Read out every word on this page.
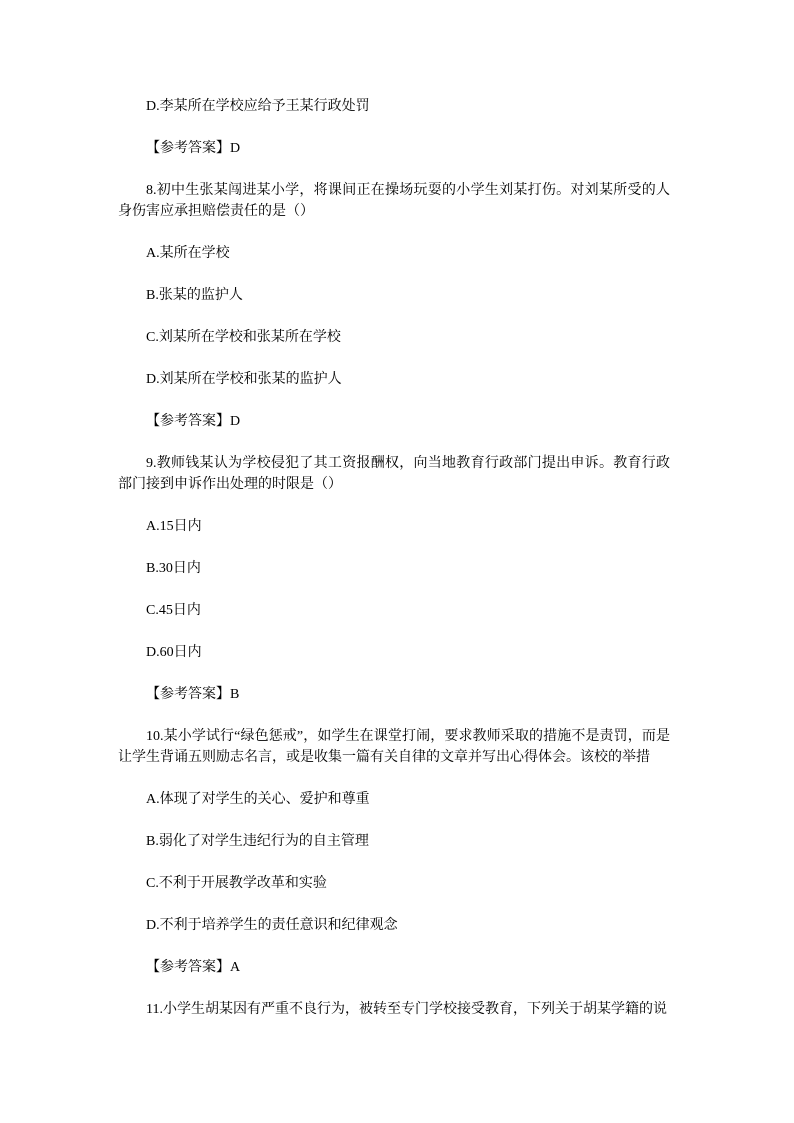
D.李某所在学校应给予王某行政处罚

【参考答案】D

8.初中生张某闯进某小学，将课间正在操场玩耍的小学生刘某打伤。对刘某所受的人身伤害应承担赔偿责任的是（）

A.某所在学校

B.张某的监护人

C.刘某所在学校和张某所在学校

D.刘某所在学校和张某的监护人

【参考答案】D

9.教师钱某认为学校侵犯了其工资报酬权，向当地教育行政部门提出申诉。教育行政部门接到申诉作出处理的时限是（）

A.15日内

B.30日内

C.45日内

D.60日内

【参考答案】B

10.某小学试行“绿色惩戒”，如学生在课堂打闹，要求教师采取的措施不是责罚，而是让学生背诵五则励志名言，或是收集一篇有关自律的文章并写出心得体会。该校的举措

A.体现了对学生的关心、爱护和尊重

B.弱化了对学生违纪行为的自主管理

C.不利于开展教学改革和实验

D.不利于培养学生的责任意识和纪律观念

【参考答案】A

11.小学生胡某因有严重不良行为，被转至专门学校接受教育，下列关于胡某学籍的说
